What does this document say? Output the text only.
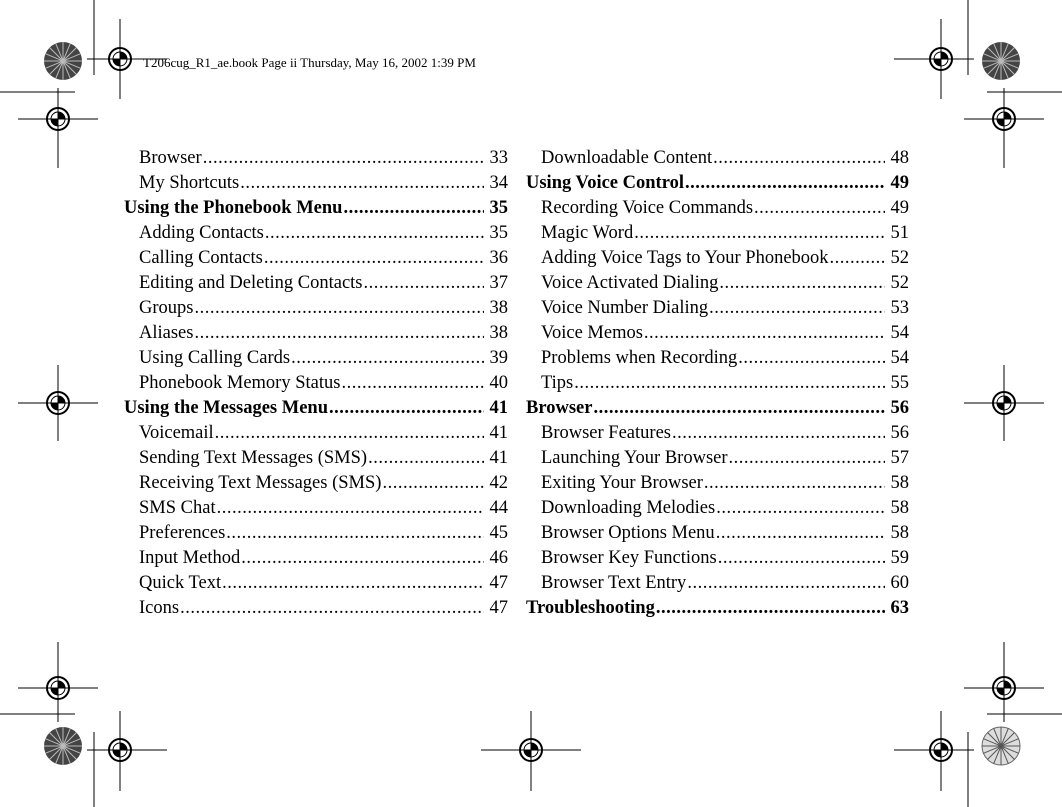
T206cug_R1_ae.book Page ii Thursday, May 16, 2002 1:39 PM
Browser .....	33
My Shortcuts .....	34
Using the Phonebook Menu .....	35
Adding Contacts .....	35
Calling Contacts .....	36
Editing and Deleting Contacts .....	37
Groups .....	38
Aliases .....	38
Using Calling Cards .....	39
Phonebook Memory Status .....	40
Using the Messages Menu .....	41
Voicemail .....	41
Sending Text Messages (SMS) .....	41
Receiving Text Messages (SMS) .....	42
SMS Chat .....	44
Preferences .....	45
Input Method .....	46
Quick Text .....	47
Icons .....	47
Downloadable Content .....	48
Using Voice Control .....	49
Recording Voice Commands .....	49
Magic Word .....	51
Adding Voice Tags to Your Phonebook .....	52
Voice Activated Dialing .....	52
Voice Number Dialing .....	53
Voice Memos .....	54
Problems when Recording .....	54
Tips .....	55
Browser .....	56
Browser Features .....	56
Launching Your Browser .....	57
Exiting Your Browser .....	58
Downloading Melodies .....	58
Browser Options Menu .....	58
Browser Key Functions .....	59
Browser Text Entry .....	60
Troubleshooting .....	63
